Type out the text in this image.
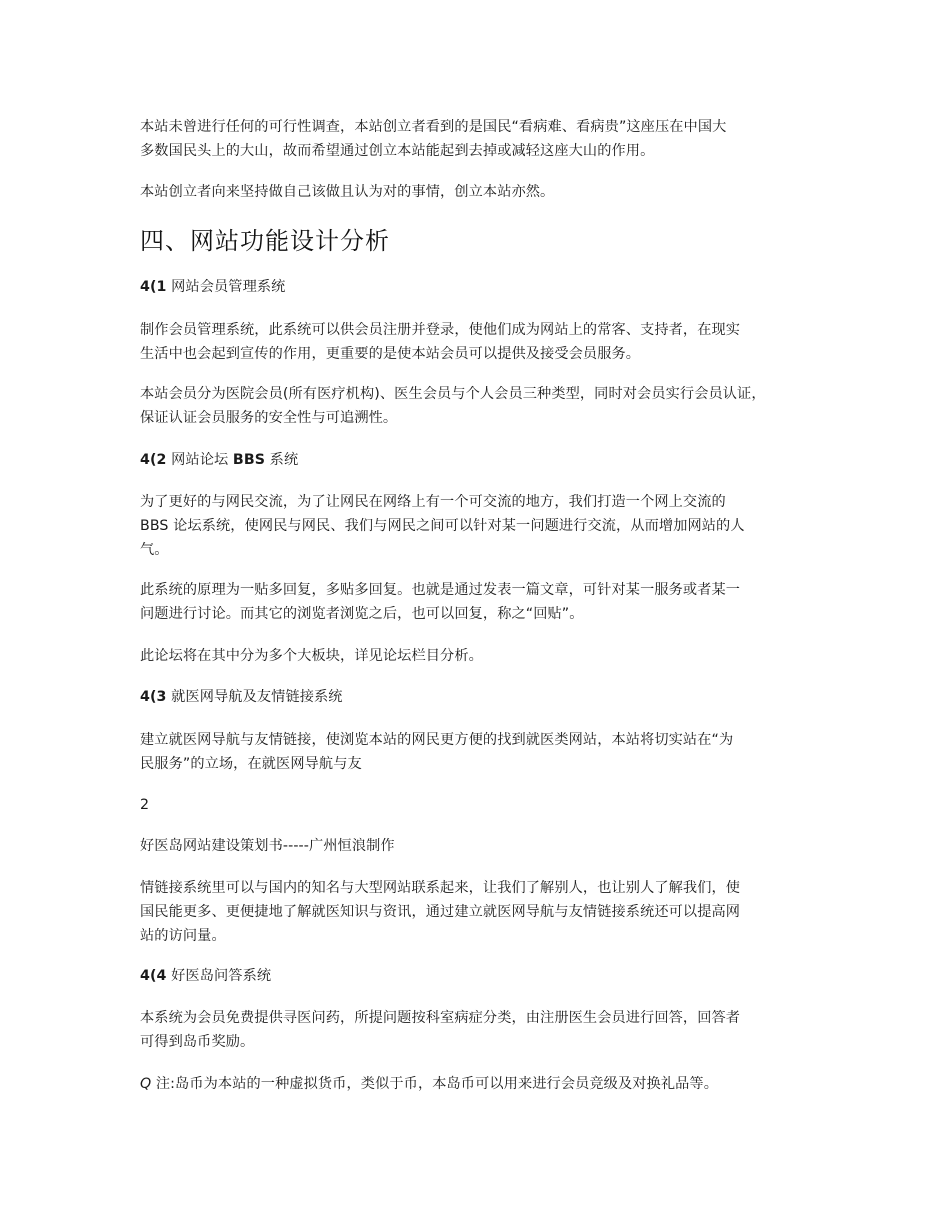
本站未曾进行任何的可行性调查，本站创立者看到的是国民“看病难、看病贵”这座压在中国大
多数国民头上的大山，故而希望通过创立本站能起到去掉或减轻这座大山的作用。
本站创立者向来坚持做自己该做且认为对的事情，创立本站亦然。
四、网站功能设计分析
4(1 网站会员管理系统
制作会员管理系统，此系统可以供会员注册并登录，使他们成为网站上的常客、支持者，在现实
生活中也会起到宣传的作用，更重要的是使本站会员可以提供及接受会员服务。
本站会员分为医院会员(所有医疗机构)、医生会员与个人会员三种类型，同时对会员实行会员认证，
保证认证会员服务的安全性与可追溯性。
4(2 网站论坛 BBS 系统
为了更好的与网民交流，为了让网民在网络上有一个可交流的地方，我们打造一个网上交流的
BBS 论坛系统，使网民与网民、我们与网民之间可以针对某一问题进行交流，从而增加网站的人
气。
此系统的原理为一贴多回复，多贴多回复。也就是通过发表一篇文章，可针对某一服务或者某一
问题进行讨论。而其它的浏览者浏览之后，也可以回复，称之“回贴”。
此论坛将在其中分为多个大板块，详见论坛栏目分析。
4(3 就医网导航及友情链接系统
建立就医网导航与友情链接，使浏览本站的网民更方便的找到就医类网站，本站将切实站在“为
民服务”的立场，在就医网导航与友
2
好医岛网站建设策划书-----广州恒浪制作
情链接系统里可以与国内的知名与大型网站联系起来，让我们了解别人，也让别人了解我们，使
国民能更多、更便捷地了解就医知识与资讯，通过建立就医网导航与友情链接系统还可以提高网
站的访问量。
4(4 好医岛问答系统
本系统为会员免费提供寻医问药，所提问题按科室病症分类，由注册医生会员进行回答，回答者
可得到岛币奖励。
Q 注:岛币为本站的一种虚拟货币，类似于币，本岛币可以用来进行会员竞级及对换礼品等。
